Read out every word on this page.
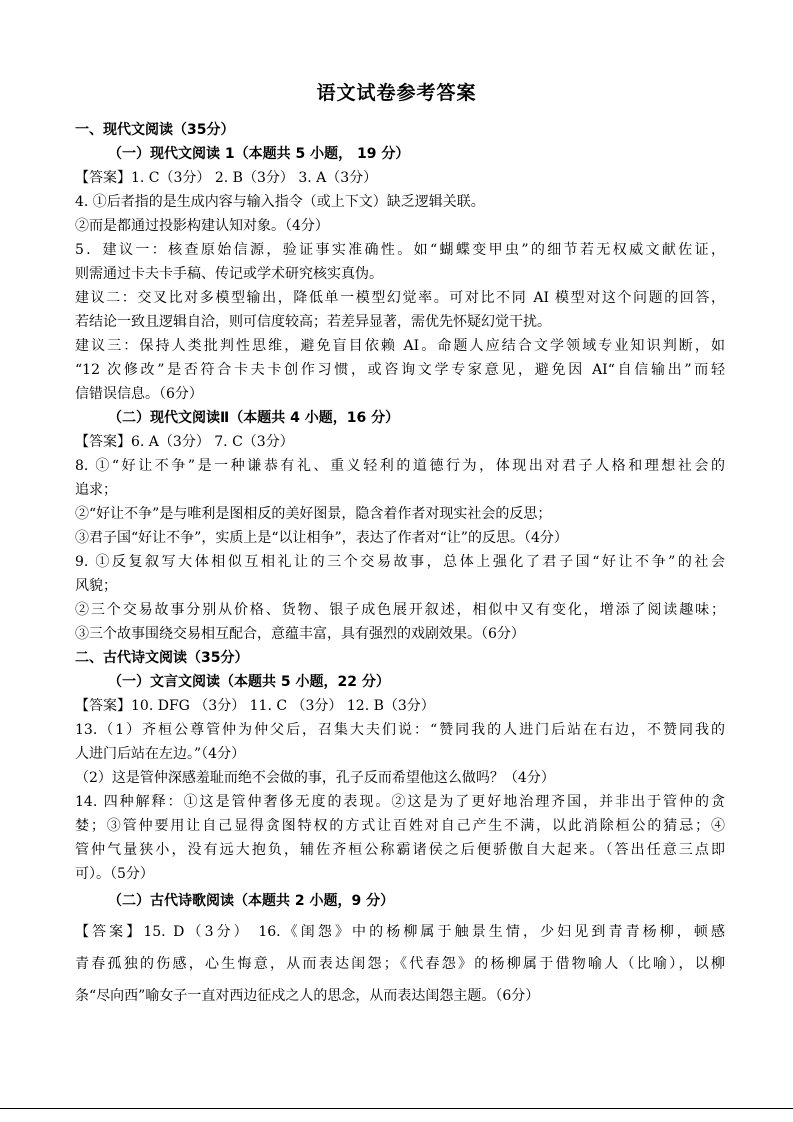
语文试卷参考答案
一、现代文阅读（35分）
（一）现代文阅读 1（本题共 5 小题， 19 分）
【答案】1. C（3分） 2. B（3分） 3. A（3分）
4. ①后者指的是生成内容与输入指令（或上下文）缺乏逻辑关联。
②而是都通过投影构建认知对象。（4分）
5．建议一：核查原始信源，验证事实准确性。如“蝴蝶变甲虫”的细节若无权威文献佐证，
则需通过卡夫卡手稿、传记或学术研究核实真伪。
建议二：交叉比对多模型输出，降低单一模型幻觉率。可对比不同 AI 模型对这个问题的回答，
若结论一致且逻辑自洽，则可信度较高；若差异显著，需优先怀疑幻觉干扰。
建议三：保持人类批判性思维，避免盲目依赖 AI。命题人应结合文学领域专业知识判断，如
“12 次修改”是否符合卡夫卡创作习惯，或咨询文学专家意见，避免因 AI“自信输出”而轻
信错误信息。（6分）
（二）现代文阅读Ⅱ（本题共 4 小题，16 分）
【答案】6. A（3分） 7. C（3分）
8. ①“好让不争”是一种谦恭有礼、重义轻利的道德行为，体现出对君子人格和理想社会的
追求；
②“好让不争”是与唯利是图相反的美好图景，隐含着作者对现实社会的反思；
③君子国“好让不争”，实质上是“以让相争”，表达了作者对“让”的反思。（4分）
9. ①反复叙写大体相似互相礼让的三个交易故事，总体上强化了君子国“好让不争”的社会
风貌；
②三个交易故事分别从价格、货物、银子成色展开叙述，相似中又有变化，增添了阅读趣味；
③三个故事围绕交易相互配合，意蕴丰富，具有强烈的戏剧效果。（6分）
二、古代诗文阅读（35分）
（一）文言文阅读（本题共 5 小题，22 分）
【答案】10. DFG （3分） 11. C （3分） 12. B（3分）
13.（1）齐桓公尊管仲为仲父后，召集大夫们说：“赞同我的人进门后站在右边，不赞同我的
人进门后站在左边。”（4分）
（2）这是管仲深感羞耻而绝不会做的事，孔子反而希望他这么做吗？（4分）
14. 四种解释：①这是管仲奢侈无度的表现。②这是为了更好地治理齐国，并非出于管仲的贪
婪；③管仲要用让自己显得贪图特权的方式让百姓对自己产生不满，以此消除桓公的猜忌；④
管仲气量狭小，没有远大抱负，辅佐齐桓公称霸诸侯之后便骄傲自大起来。（答出任意三点即
可）。（5分）
（二）古代诗歌阅读（本题共 2 小题，9 分）
【答案】15. D（3分） 16.《闺怨》中的杨柳属于触景生情，少妇见到青青杨柳，顿感
青春孤独的伤感，心生悔意，从而表达闺怨；《代春怨》的杨柳属于借物喻人（比喻），以柳
条“尽向西”喻女子一直对西边征戍之人的思念，从而表达闺怨主题。（6分）
